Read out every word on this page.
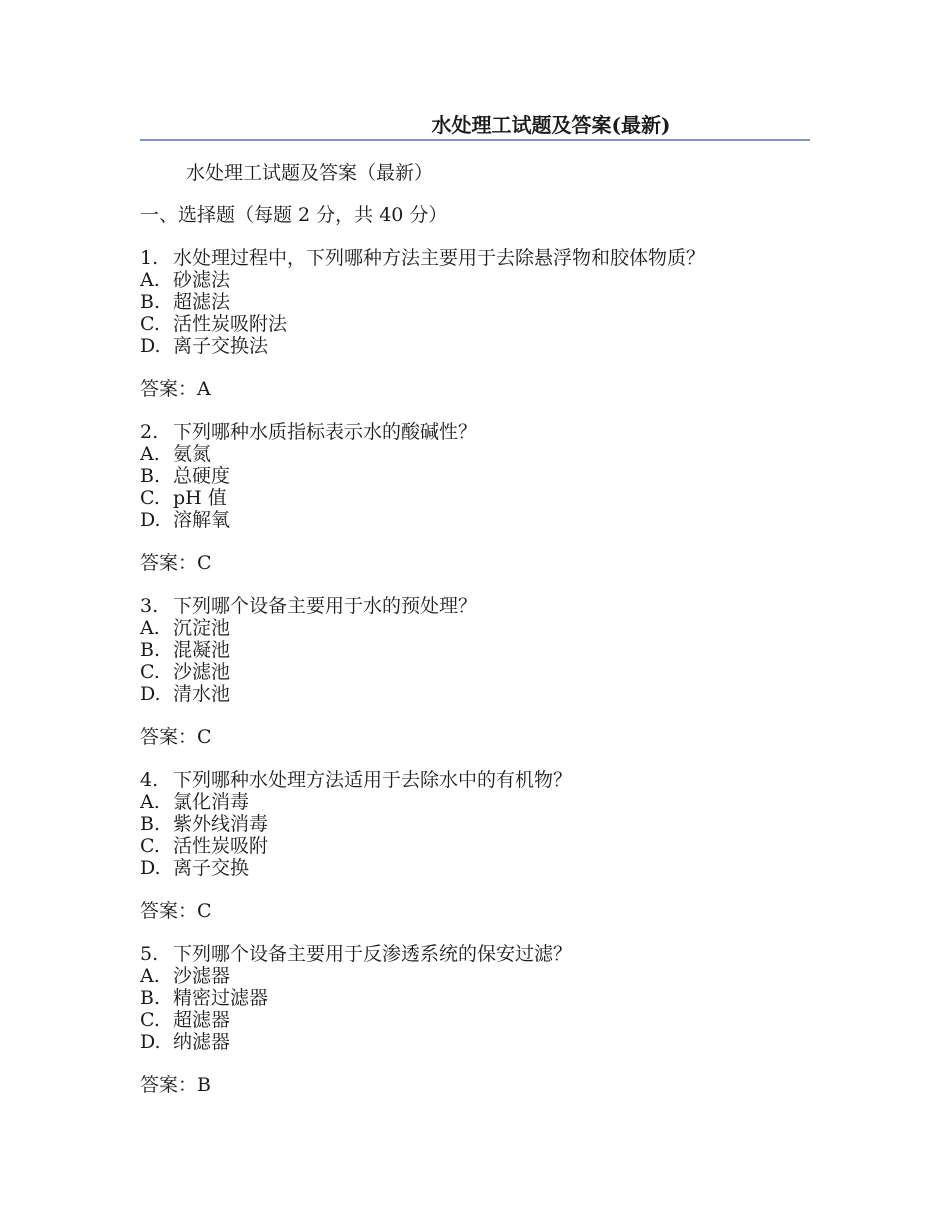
水处理工试题及答案(最新)
水处理工试题及答案（最新）
一、选择题（每题 2 分，共 40 分）
1. 水处理过程中，下列哪种方法主要用于去除悬浮物和胶体物质？
A. 砂滤法
B. 超滤法
C. 活性炭吸附法
D. 离子交换法
答案：A
2. 下列哪种水质指标表示水的酸碱性？
A. 氨氮
B. 总硬度
C. pH 值
D. 溶解氧
答案：C
3. 下列哪个设备主要用于水的预处理？
A. 沉淀池
B. 混凝池
C. 沙滤池
D. 清水池
答案：C
4. 下列哪种水处理方法适用于去除水中的有机物？
A. 氯化消毒
B. 紫外线消毒
C. 活性炭吸附
D. 离子交换
答案：C
5. 下列哪个设备主要用于反渗透系统的保安过滤？
A. 沙滤器
B. 精密过滤器
C. 超滤器
D. 纳滤器
答案：B
